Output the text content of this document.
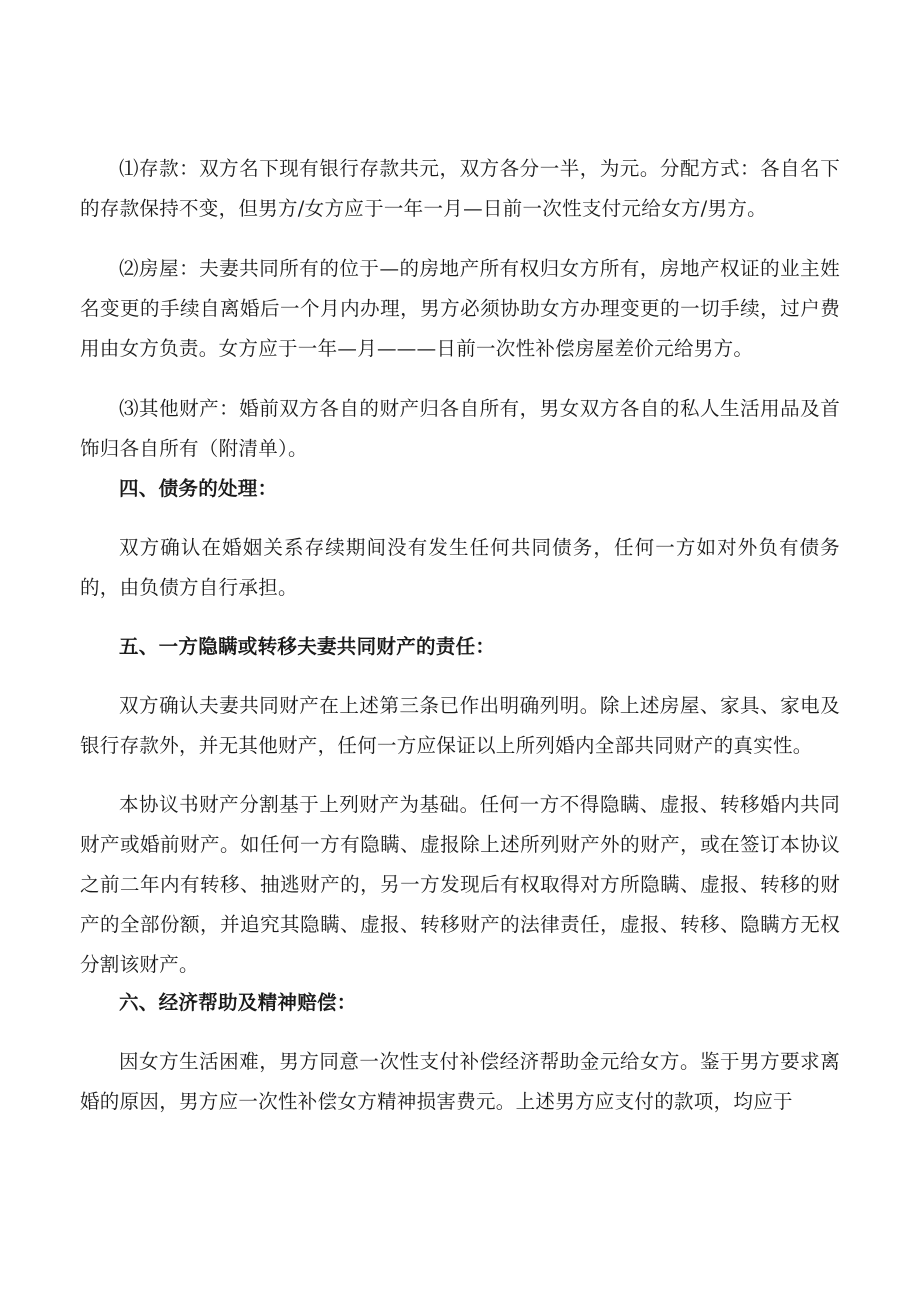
⑴存款：双方名下现有银行存款共元，双方各分一半，为元。分配方式：各自名下的存款保持不变，但男方/女方应于一年一月—日前一次性支付元给女方/男方。

⑵房屋：夫妻共同所有的位于—的房地产所有权归女方所有，房地产权证的业主姓名变更的手续自离婚后一个月内办理，男方必须协助女方办理变更的一切手续，过户费用由女方负责。女方应于一年—月———日前一次性补偿房屋差价元给男方。

⑶其他财产：婚前双方各自的财产归各自所有，男女双方各自的私人生活用品及首饰归各自所有（附清单）。

四、债务的处理：

双方确认在婚姻关系存续期间没有发生任何共同债务，任何一方如对外负有债务的，由负债方自行承担。

五、一方隐瞒或转移夫妻共同财产的责任：

双方确认夫妻共同财产在上述第三条已作出明确列明。除上述房屋、家具、家电及银行存款外，并无其他财产，任何一方应保证以上所列婚内全部共同财产的真实性。

本协议书财产分割基于上列财产为基础。任何一方不得隐瞒、虚报、转移婚内共同财产或婚前财产。如任何一方有隐瞒、虚报除上述所列财产外的财产，或在签订本协议之前二年内有转移、抽逃财产的，另一方发现后有权取得对方所隐瞒、虚报、转移的财产的全部份额，并追究其隐瞒、虚报、转移财产的法律责任，虚报、转移、隐瞒方无权分割该财产。

六、经济帮助及精神赔偿：

因女方生活困难，男方同意一次性支付补偿经济帮助金元给女方。鉴于男方要求离婚的原因，男方应一次性补偿女方精神损害费元。上述男方应支付的款项，均应于
